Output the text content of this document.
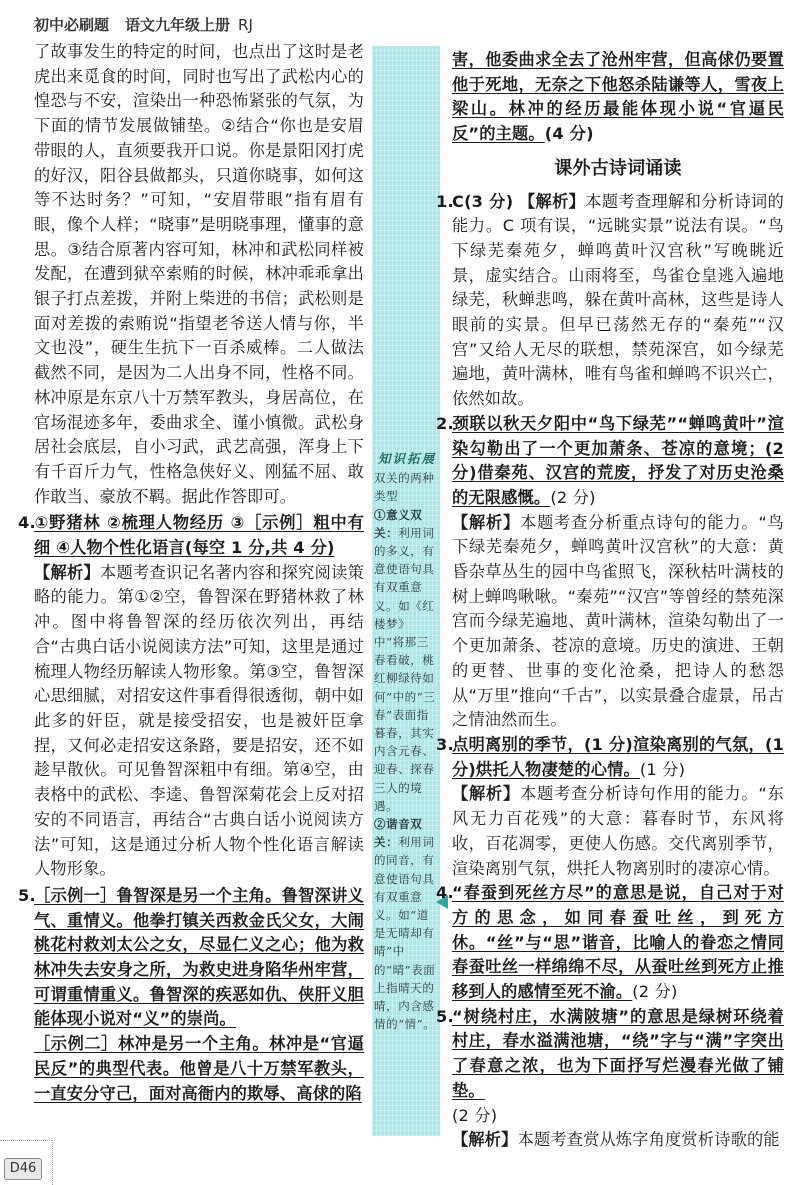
初中必刷题 语文九年级上册 RJ

了故事发生的特定的时间，也点出了这时是老虎出来觅食的时间，同时也写出了武松内心的惶恐与不安，渲染出一种恐怖紧张的气氛，为下面的情节发展做铺垫。②结合“你也是安眉带眼的人，直须要我开口说。你是景阳冈打虎的好汉，阳谷县做都头，只道你晓事，如何这等不达时务？”可知，“安眉带眼”指有眉有眼，像个人样；“晓事”是明晓事理，懂事的意思。③结合原著内容可知，林冲和武松同样被发配，在遭到狱卒索贿的时候，林冲乖乖拿出银子打点差拨，并附上柴进的书信；武松则是面对差拨的索贿说“指望老爷送人情与你，半文也没”，硬生生抗下一百杀威棒。二人做法截然不同，是因为二人出身不同，性格不同。林冲原是东京八十万禁军教头，身居高位，在官场混迹多年，委曲求全、谨小慎微。武松身居社会底层，自小习武，武艺高强，浑身上下有千百斤力气，性格急侠好义、刚猛不屈、敢作敢当、豪放不羁。据此作答即可。

4.①野猪林 ②梳理人物经历 ③［示例］粗中有细 ④人物个性化语言(每空 1 分,共 4 分)

【解析】本题考查识记名著内容和探究阅读策略的能力。第①②空，鲁智深在野猪林救了林冲。图中将鲁智深的经历依次列出，再结合“古典白话小说阅读方法”可知，这里是通过梳理人物经历解读人物形象。第③空，鲁智深心思细腻，对招安这件事看得很透彻，朝中如此多的奸臣，就是接受招安，也是被奸臣拿捏，又何必走招安这条路，要是招安，还不如趁早散伙。可见鲁智深粗中有细。第④空，由表格中的武松、李逵、鲁智深菊花会上反对招安的不同语言，再结合“古典白话小说阅读方法”可知，这是通过分析人物个性化语言解读人物形象。

5.［示例一］鲁智深是另一个主角。鲁智深讲义气、重情义。他拳打镇关西救金氏父女，大闹桃花村救刘太公之女，尽显仁义之心；他为救林冲失去安身之所，为救史进身陷华州牢营，可谓重情重义。鲁智深的疾恶如仇、侠肝义胆能体现小说对“义”的崇尚。

［示例二］林冲是另一个主角。林冲是“官逼民反”的典型代表。他曾是八十万禁军教头，一直安分守己，面对高衙内的欺辱、高俅的陷

知识拓展

双关的两种类型

①意义双关：利用词的多义，有意使语句具有双重意义。如《红楼梦》中“将那三春看破，桃红柳绿待如何”中的“三春”表面指暮春，其实内含元春、迎春、探春三人的境遇。

②谐音双关：利用词的同音，有意使语句具有双重意义。如“道是无晴却有晴”中的“晴”表面上指晴天的晴，内含感情的“情”。

害，他委曲求全去了沧州牢营，但高俅仍要置他于死地，无奈之下他怒杀陆谦等人，雪夜上梁山。林冲的经历最能体现小说“官逼民反”的主题。(4 分)

课外古诗词诵读

1.C(3 分) 【解析】本题考查理解和分析诗词的能力。C 项有误，“远眺实景”说法有误。“鸟下绿芜秦苑夕，蝉鸣黄叶汉宫秋”写晚眺近景，虚实结合。山雨将至，鸟雀仓皇逃入遍地绿芜，秋蝉悲鸣，躲在黄叶高林，这些是诗人眼前的实景。但早已荡然无存的“秦苑”“汉宫”又给人无尽的联想，禁苑深宫，如今绿芜遍地，黄叶满林，唯有鸟雀和蝉鸣不识兴亡，依然如故。

2.颈联以秋天夕阳中“鸟下绿芜”“蝉鸣黄叶”渲染勾勒出了一个更加萧条、苍凉的意境；(2 分)借秦苑、汉宫的荒废，抒发了对历史沧桑的无限感慨。(2 分)

【解析】本题考查分析重点诗句的能力。“鸟下绿芜秦苑夕，蝉鸣黄叶汉宫秋”的大意：黄昏杂草丛生的园中鸟雀照飞，深秋枯叶满枝的树上蝉鸣啾啾。“秦苑”“汉宫”等曾经的禁苑深宫而今绿芜遍地、黄叶满林，渲染勾勒出了一个更加萧条、苍凉的意境。历史的演进、王朝的更替、世事的变化沧桑，把诗人的愁怨从“万里”推向“千古”，以实景叠合虚景，吊古之情油然而生。

3.点明离别的季节，(1 分)渲染离别的气氛，(1 分)烘托人物凄楚的心情。(1 分)

【解析】本题考查分析诗句作用的能力。“东风无力百花残”的大意：暮春时节，东风将收，百花凋零，更使人伤感。交代离别季节，渲染离别气氛，烘托人物离别时的凄凉心情。

4.“春蚕到死丝方尽”的意思是说，自己对于对方的思念，如同春蚕吐丝，到死方休。“丝”与“思”谐音，比喻人的眷恋之情同春蚕吐丝一样绵绵不尽，从蚕吐丝到死方止推移到人的感情至死不渝。(2 分)

5.“树绕村庄，水满陂塘”的意思是绿树环绕着村庄，春水溢满池塘，“绕”字与“满”字突出了春意之浓，也为下面抒写烂漫春光做了铺垫。

(2 分)

【解析】本题考查赏从炼字角度赏析诗歌的能

D46
